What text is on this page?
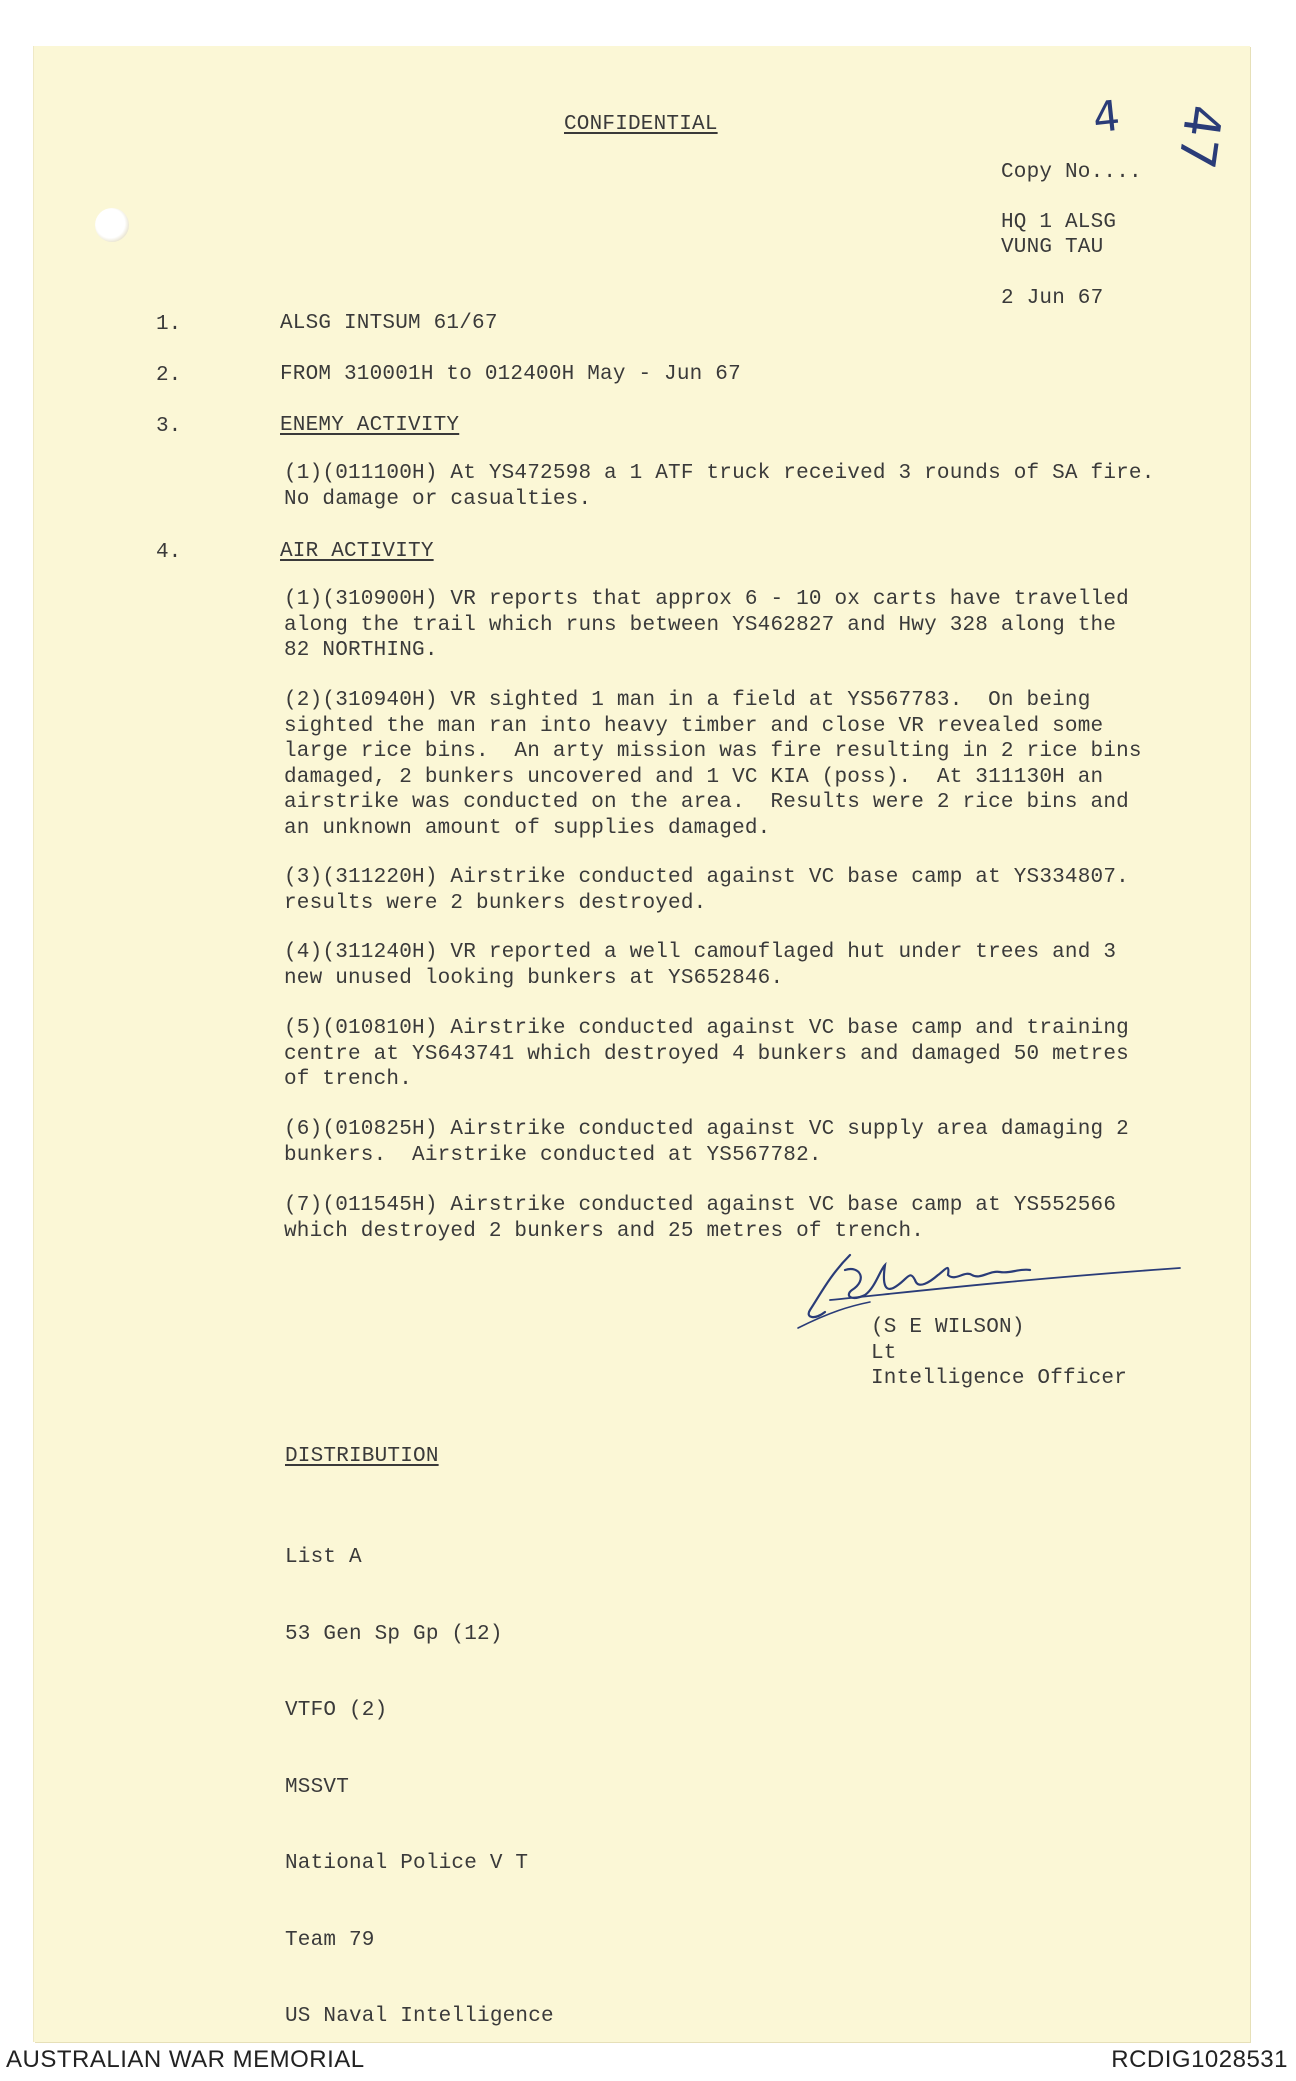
CONFIDENTIAL	4 47
Copy No....
HQ 1 ALSG
VUNG TAU
2 Jun 67
1.	ALSG INTSUM 61/67
2.	FROM 310001H to 012400H May - Jun 67
3.	ENEMY ACTIVITY
(1)(011100H) At YS472598 a 1 ATF truck received 3 rounds of SA fire.
No damage or casualties.
4.	AIR ACTIVITY
(1)(310900H) VR reports that approx 6 - 10 ox carts have travelled
along the trail which runs between YS462827 and Hwy 328 along the
82 NORTHING.
(2)(310940H) VR sighted 1 man in a field at YS567783.  On being
sighted the man ran into heavy timber and close VR revealed some
large rice bins.  An arty mission was fire resulting in 2 rice bins
damaged, 2 bunkers uncovered and 1 VC KIA (poss).  At 311130H an
airstrike was conducted on the area.  Results were 2 rice bins and
an unknown amount of supplies damaged.
(3)(311220H) Airstrike conducted against VC base camp at YS334807.
results were 2 bunkers destroyed.
(4)(311240H) VR reported a well camouflaged hut under trees and 3
new unused looking bunkers at YS652846.
(5)(010810H) Airstrike conducted against VC base camp and training
centre at YS643741 which destroyed 4 bunkers and damaged 50 metres
of trench.
(6)(010825H) Airstrike conducted against VC supply area damaging 2
bunkers.  Airstrike conducted at YS567782.
(7)(011545H) Airstrike conducted against VC base camp at YS552566
which destroyed 2 bunkers and 25 metres of trench.
(S E WILSON)
Lt
Intelligence Officer
DISTRIBUTION

List A

53 Gen Sp Gp (12)

VTFO (2)

MSSVT

National Police V T

Team 79

US Naval Intelligence

AUSTRALIAN WAR MEMORIAL	RCDIG1028531
